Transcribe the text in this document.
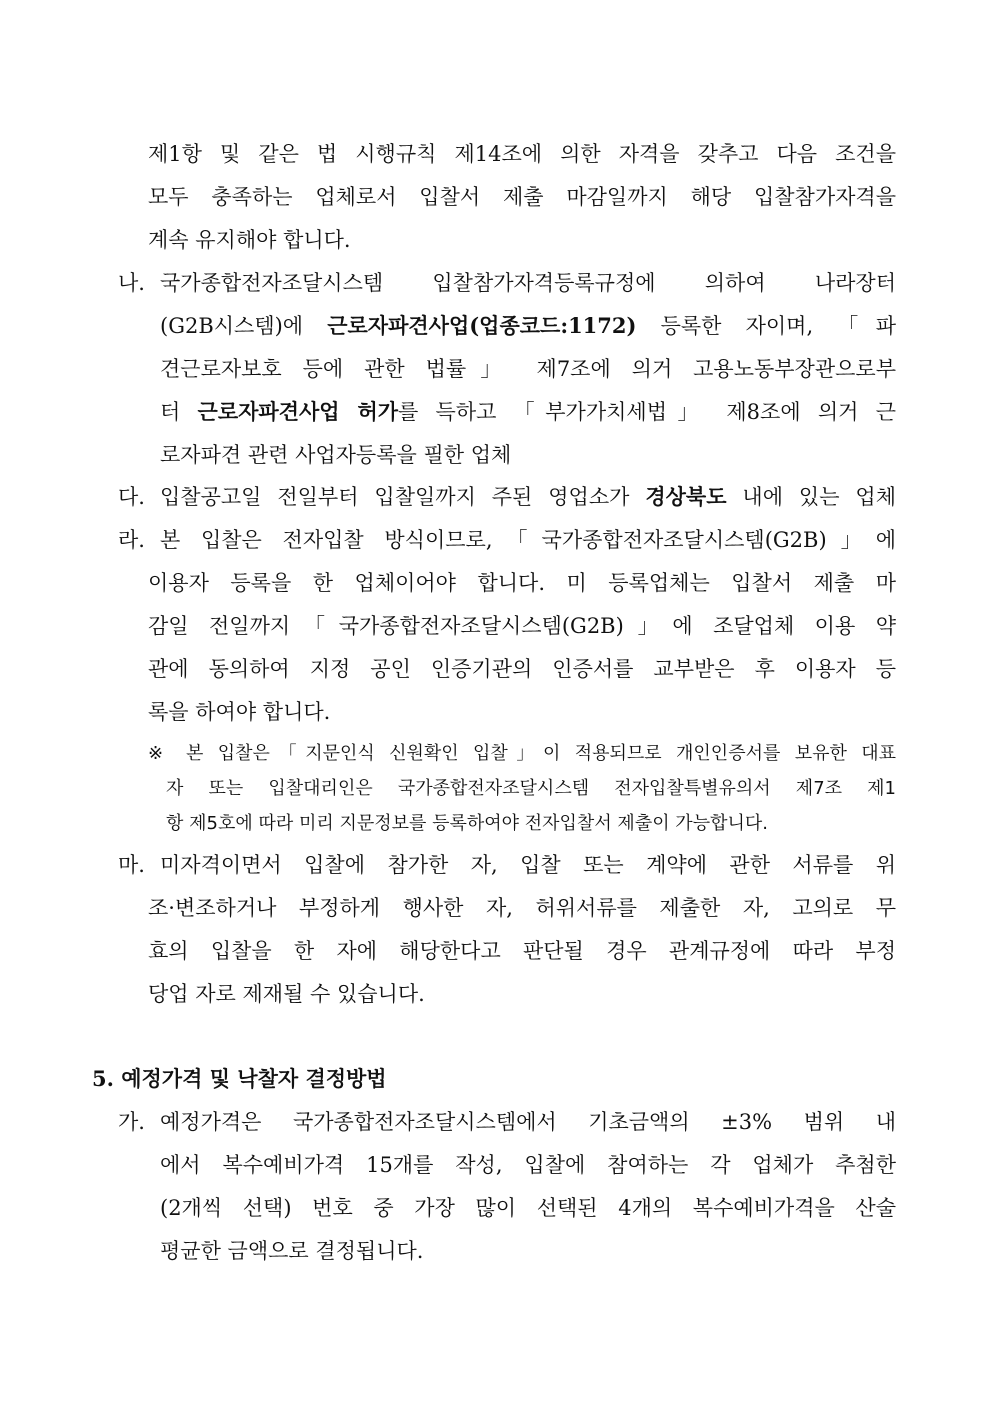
제1항 및 같은 법 시행규칙 제14조에 의한 자격을 갖추고 다음 조건을
모두 충족하는 업체로서 입찰서 제출 마감일까지 해당 입찰참가자격을
계속 유지해야 합니다.
나. 국가종합전자조달시스템 입찰참가자격등록규정에 의하여 나라장터
(G2B시스템)에 근로자파견사업(업종코드:1172) 등록한 자이며, 「파
견근로자보호 등에 관한 법률」 제7조에 의거 고용노동부장관으로부
터 근로자파견사업 허가를 득하고 「부가가치세법」 제8조에 의거 근
로자파견 관련 사업자등록을 필한 업체
다. 입찰공고일 전일부터 입찰일까지 주된 영업소가 경상북도 내에 있는 업체
라. 본 입찰은 전자입찰 방식이므로,「국가종합전자조달시스템(G2B)」에
이용자 등록을 한 업체이어야 합니다. 미 등록업체는 입찰서 제출 마
감일 전일까지「국가종합전자조달시스템(G2B)」에 조달업체 이용 약
관에 동의하여 지정 공인 인증기관의 인증서를 교부받은 후 이용자 등
록을 하여야 합니다.
※ 본 입찰은「지문인식 신원확인 입찰」이 적용되므로 개인인증서를 보유한 대표
자 또는 입찰대리인은 국가종합전자조달시스템 전자입찰특별유의서 제7조 제1
항 제5호에 따라 미리 지문정보를 등록하여야 전자입찰서 제출이 가능합니다.
마. 미자격이면서 입찰에 참가한 자, 입찰 또는 계약에 관한 서류를 위
조·변조하거나 부정하게 행사한 자, 허위서류를 제출한 자, 고의로 무
효의 입찰을 한 자에 해당한다고 판단될 경우 관계규정에 따라 부정
당업 자로 제재될 수 있습니다.
5. 예정가격 및 낙찰자 결정방법
가. 예정가격은 국가종합전자조달시스템에서 기초금액의 ±3% 범위 내
에서 복수예비가격 15개를 작성, 입찰에 참여하는 각 업체가 추첨한
(2개씩 선택) 번호 중 가장 많이 선택된 4개의 복수예비가격을 산술
평균한 금액으로 결정됩니다.
